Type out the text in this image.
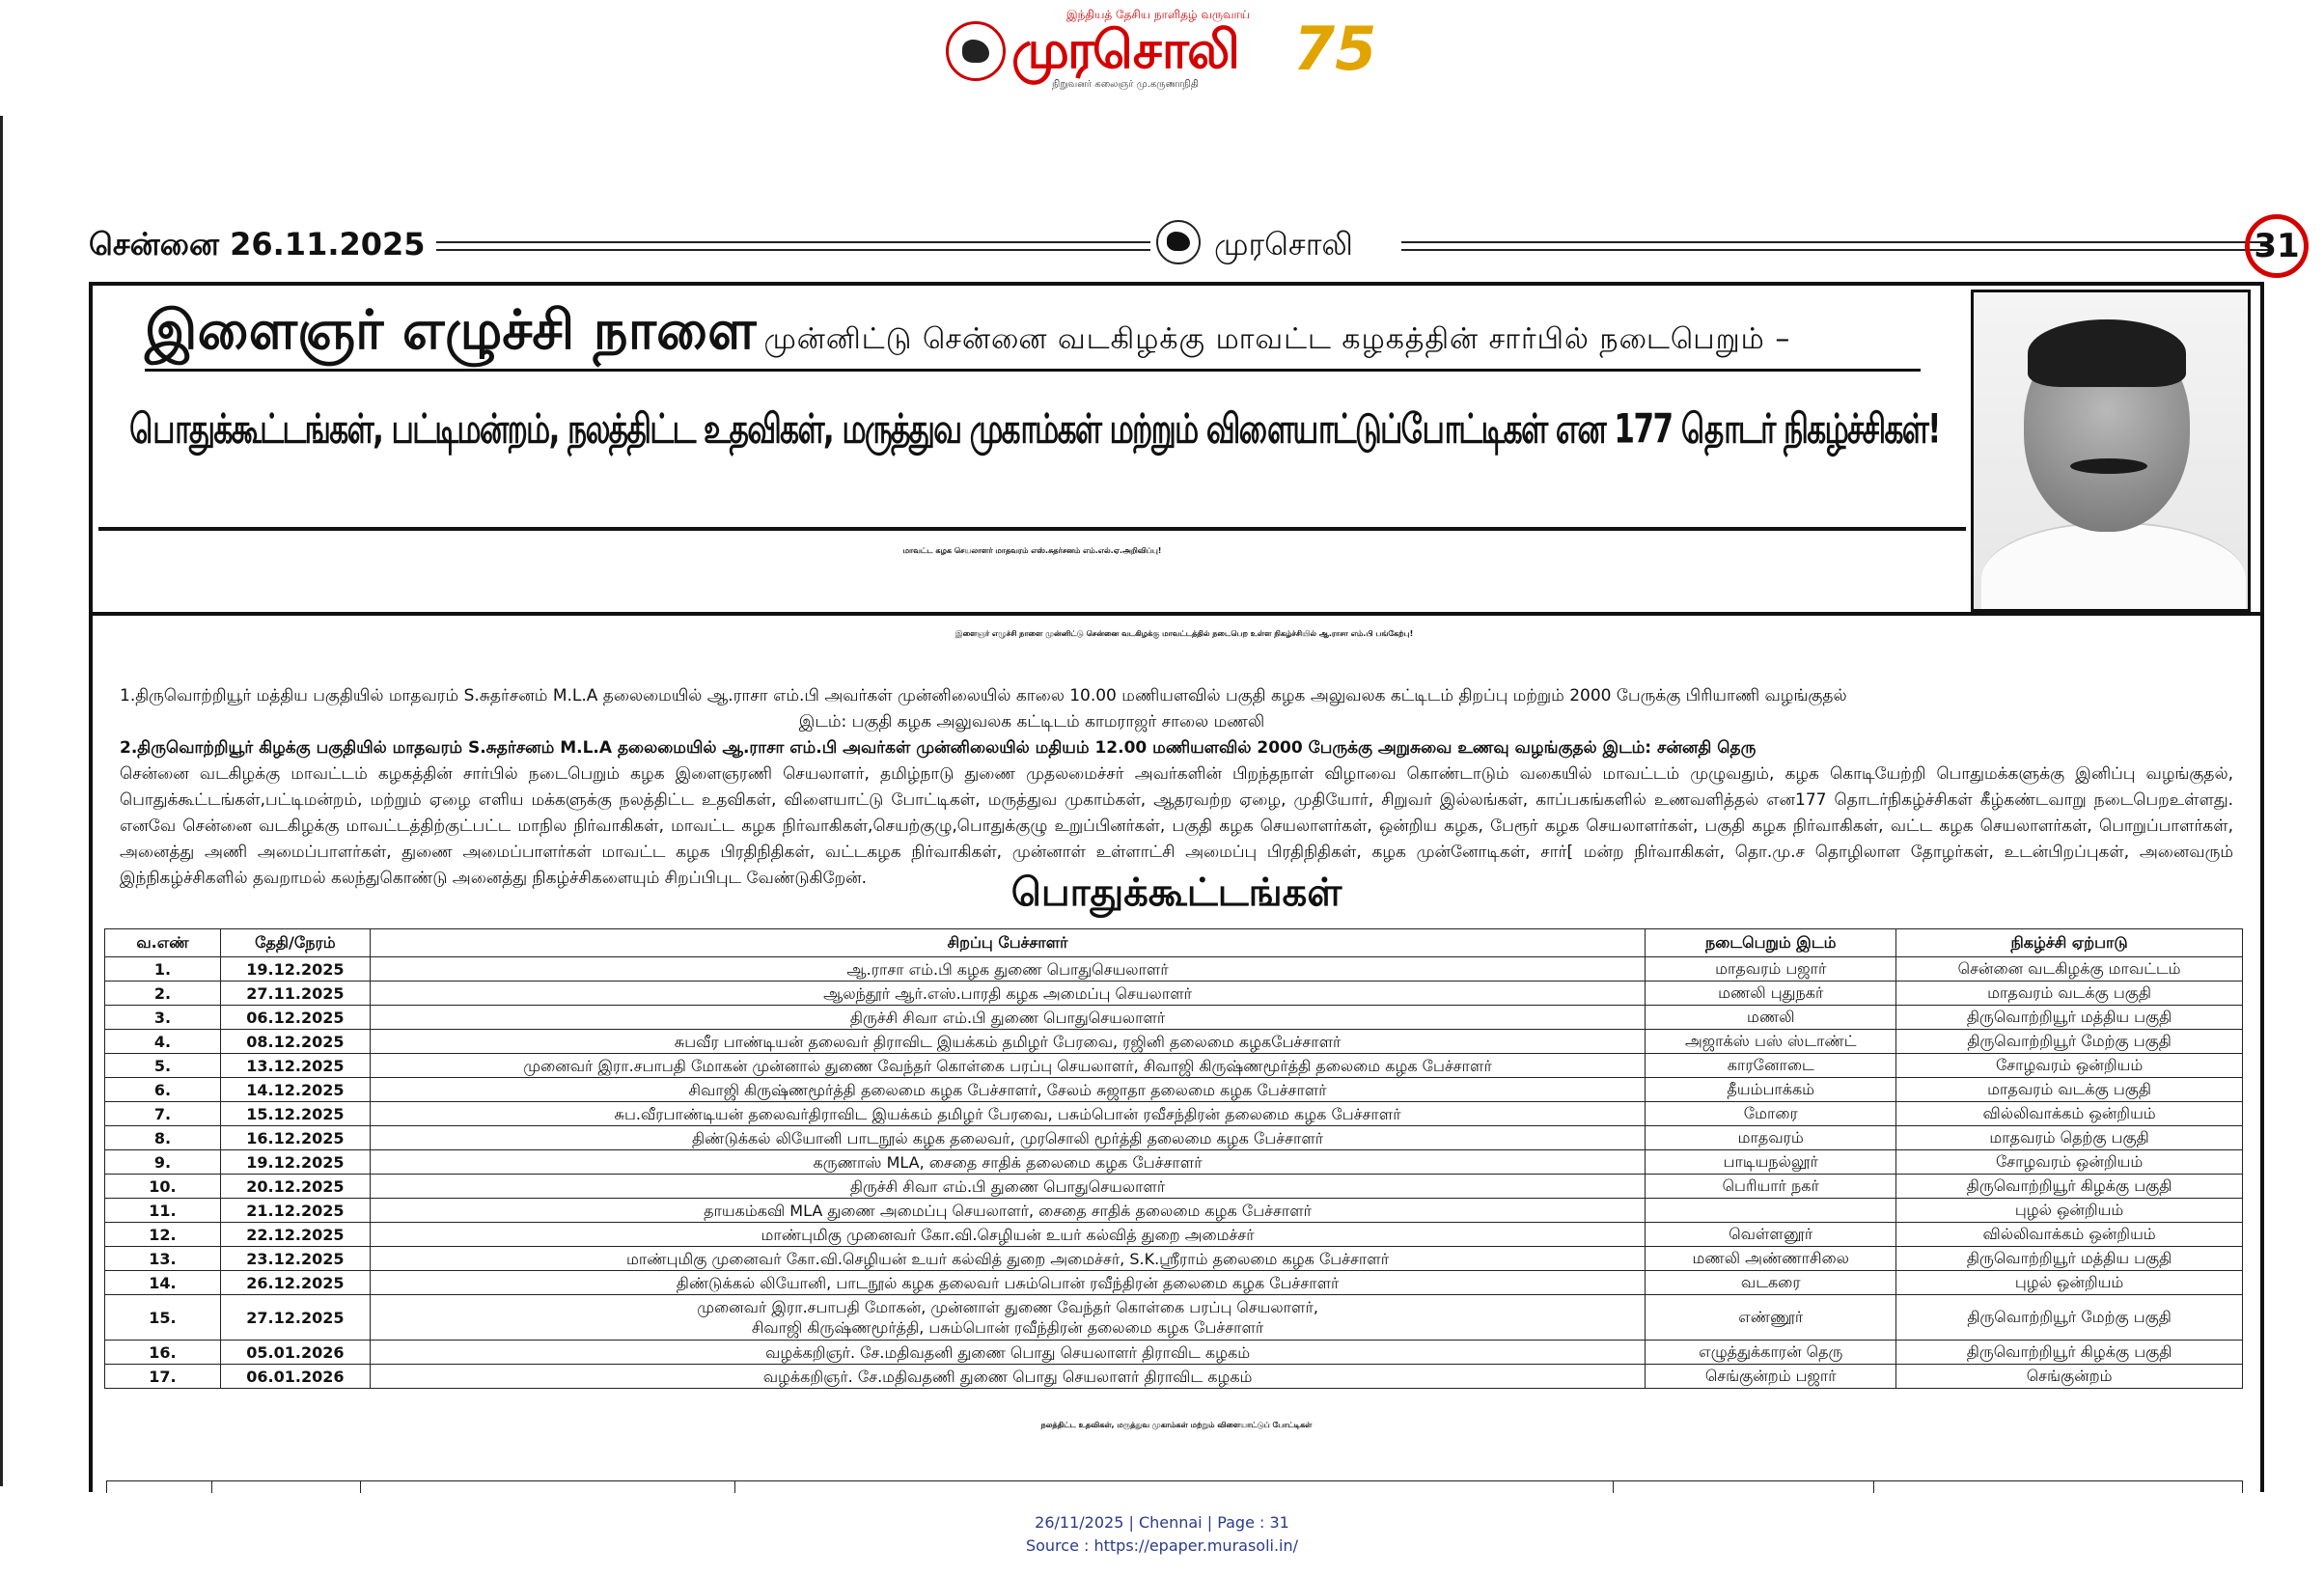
இந்தியத் தேசிய நாளிதழ் வருவாய்
முரசொலி
நிறுவனர் கலைஞர் மு.கருணாநிதி
75
சென்னை 26.11.2025	முரசொலி	31
இளைஞர் எழுச்சி நாளை முன்னிட்டு சென்னை வடகிழக்கு மாவட்ட கழகத்தின் சார்பில் நடைபெறும் –
பொதுக்கூட்டங்கள், பட்டிமன்றம், நலத்திட்ட உதவிகள், மருத்துவ முகாம்கள் மற்றும் விளையாட்டுப்போட்டிகள் என 177 தொடர் நிகழ்ச்சிகள்!
மாவட்ட கழக செயலாளர் மாதவரம் எஸ்.சுதர்சனம் எம்.எல்.ஏ.அறிவிப்பு!
இளைஞர் எழுச்சி நாளை முன்னிட்டு சென்னை வடகிழக்கு மாவட்டத்தில் நடைபெற உள்ள நிகழ்ச்சியில் ஆ.ராசா எம்.பி பங்கேற்பு!
1.திருவொற்றியூர் மத்திய பகுதியில் மாதவரம் S.சுதர்சனம் M.L.A தலைமையில் ஆ.ராசா எம்.பி அவர்கள் முன்னிலையில் காலை 10.00 மணியளவில் பகுதி கழக அலுவலக கட்டிடம் திறப்பு மற்றும் 2000 பேருக்கு பிரியாணி வழங்குதல்
இடம்: பகுதி கழக அலுவலக கட்டிடம் காமராஜர் சாலை மணலி
2.திருவொற்றியூர் கிழக்கு பகுதியில் மாதவரம் S.சுதர்சனம் M.L.A தலைமையில் ஆ.ராசா எம்.பி அவர்கள் முன்னிலையில் மதியம் 12.00 மணியளவில் 2000 பேருக்கு அறுசுவை உணவு வழங்குதல் இடம்: சன்னதி தெரு
சென்னை வடகிழக்கு மாவட்டம் கழகத்தின் சார்பில் நடைபெறும் கழக இளைஞரணி செயலாளர், தமிழ்நாடு துணை முதலமைச்சர் அவர்களின் பிறந்தநாள் விழாவை கொண்டாடும் வகையில் மாவட்டம் முழுவதும், கழக கொடியேற்றி பொதுமக்களுக்கு இனிப்பு வழங்குதல், பொதுக்கூட்டங்கள்,பட்டிமன்றம், மற்றும் ஏழை எளிய மக்களுக்கு நலத்திட்ட உதவிகள், விளையாட்டு போட்டிகள், மருத்துவ முகாம்கள், ஆதரவற்ற ஏழை, முதியோர், சிறுவர் இல்லங்கள், காப்பகங்களில் உணவளித்தல் என177 தொடர்நிகழ்ச்சிகள் கீழ்கண்டவாறு நடைபெறஉள்ளது. எனவே சென்னை வடகிழக்கு மாவட்டத்திற்குட்பட்ட மாநில நிர்வாகிகள், மாவட்ட கழக நிர்வாகிகள்,செயற்குழு,பொதுக்குழு உறுப்பினர்கள், பகுதி கழக செயலாளர்கள், ஒன்றிய கழக, பேரூர் கழக செயலாளர்கள், பகுதி கழக நிர்வாகிகள், வட்ட கழக செயலாளர்கள், பொறுப்பாளர்கள், அனைத்து அணி அமைப்பாளர்கள், துணை அமைப்பாளர்கள் மாவட்ட கழக பிரதிநிதிகள், வட்டகழக நிர்வாகிகள், முன்னாள் உள்ளாட்சி அமைப்பு பிரதிநிதிகள், கழக முன்னோடிகள், சார்[ மன்ற நிர்வாகிகள், தொ.மு.ச தொழிலாள தோழர்கள், உடன்பிறப்புகள், அனைவரும் இந்நிகழ்ச்சிகளில் தவறாமல் கலந்துகொண்டு அனைத்து நிகழ்ச்சிகளையும் சிறப்பிபுட வேண்டுகிறேன்.	பொதுக்கூட்டங்கள்
வ.எண்	தேதி/நேரம்	சிறப்பு பேச்சாளர்	நடைபெறும் இடம்	நிகழ்ச்சி ஏற்பாடு
1.	19.12.2025	ஆ.ராசா எம்.பி கழக துணை பொதுசெயலாளர்	மாதவரம் பஜார்	சென்னை வடகிழக்கு மாவட்டம்
2.	27.11.2025	ஆலந்தூர் ஆர்.எஸ்.பாரதி கழக அமைப்பு செயலாளர்	மணலி புதுநகர்	மாதவரம் வடக்கு பகுதி
3.	06.12.2025	திருச்சி சிவா எம்.பி துணை பொதுசெயலாளர்	மணலி	திருவொற்றியூர் மத்திய பகுதி
4.	08.12.2025	சுபவீர பாண்டியன் தலைவர் திராவிட இயக்கம் தமிழர் பேரவை, ரஜினி தலைமை கழகபேச்சாளர்	அஜாக்ஸ் பஸ் ஸ்டாண்ட்	திருவொற்றியூர் மேற்கு பகுதி
5.	13.12.2025	முனைவர் இரா.சபாபதி மோகன் முன்னால் துணை வேந்தர் கொள்கை பரப்பு செயலாளர், சிவாஜி கிருஷ்ணமூர்த்தி தலைமை கழக பேச்சாளர்	காரனோடை	சோழவரம் ஒன்றியம்
6.	14.12.2025	சிவாஜி கிருஷ்ணமூர்த்தி தலைமை கழக பேச்சாளர், சேலம் சுஜாதா தலைமை கழக பேச்சாளர்	தீயம்பாக்கம்	மாதவரம் வடக்கு பகுதி
7.	15.12.2025	சுப.வீரபாண்டியன் தலைவர்திராவிட இயக்கம் தமிழர் பேரவை, பசும்பொன் ரவீசந்திரன் தலைமை கழக பேச்சாளர்	மோரை	வில்லிவாக்கம் ஒன்றியம்
8.	16.12.2025	திண்டுக்கல் லியோனி பாடநூல் கழக தலைவர், முரசொலி மூர்த்தி தலைமை கழக பேச்சாளர்	மாதவரம்	மாதவரம் தெற்கு பகுதி
9.	19.12.2025	கருணாஸ் MLA, சைதை சாதிக் தலைமை கழக பேச்சாளர்	பாடியநல்லூர்	சோழவரம் ஒன்றியம்
10.	20.12.2025	திருச்சி சிவா எம்.பி துணை பொதுசெயலாளர்	பெரியார் நகர்	திருவொற்றியூர் கிழக்கு பகுதி
11.	21.12.2025	தாயகம்கவி MLA துணை அமைப்பு செயலாளர், சைதை சாதிக் தலைமை கழக பேச்சாளர்		புழல் ஒன்றியம்
12.	22.12.2025	மாண்புமிகு முனைவர் கோ.வி.செழியன் உயர் கல்வித் துறை அமைச்சர்	வெள்ளனூர்	வில்லிவாக்கம் ஒன்றியம்
13.	23.12.2025	மாண்புமிகு முனைவர் கோ.வி.செழியன் உயர் கல்வித் துறை அமைச்சர், S.K.ஸ்ரீராம் தலைமை கழக பேச்சாளர்	மணலி அண்ணாசிலை	திருவொற்றியூர் மத்திய பகுதி
14.	26.12.2025	திண்டுக்கல் லியோனி, பாடநூல் கழக தலைவர் பசும்பொன் ரவீந்திரன் தலைமை கழக பேச்சாளர்	வடகரை	புழல் ஒன்றியம்
15.	27.12.2025	முனைவர் இரா.சபாபதி மோகன், முன்னாள் துணை வேந்தர் கொள்கை பரப்பு செயலாளர்,
சிவாஜி கிருஷ்ணமூர்த்தி, பசும்பொன் ரவீந்திரன் தலைமை கழக பேச்சாளர்	எண்ணூர்	திருவொற்றியூர் மேற்கு பகுதி
16.	05.01.2026	வழக்கறிஞர். சே.மதிவதனி துணை பொது செயலாளர் திராவிட கழகம்	எழுத்துக்காரன் தெரு	திருவொற்றியூர் கிழக்கு பகுதி
17.	06.01.2026	வழக்கறிஞர். சே.மதிவதணி துணை பொது செயலாளர் திராவிட கழகம்	செங்குன்றம் பஜார்	செங்குன்றம்
நலத்திட்ட உதவிகள், மருத்துவ முகாம்கள் மற்றும் விளையாட்டுப் போட்டிகள்
26/11/2025 | Chennai | Page : 31
Source : https://epaper.murasoli.in/
